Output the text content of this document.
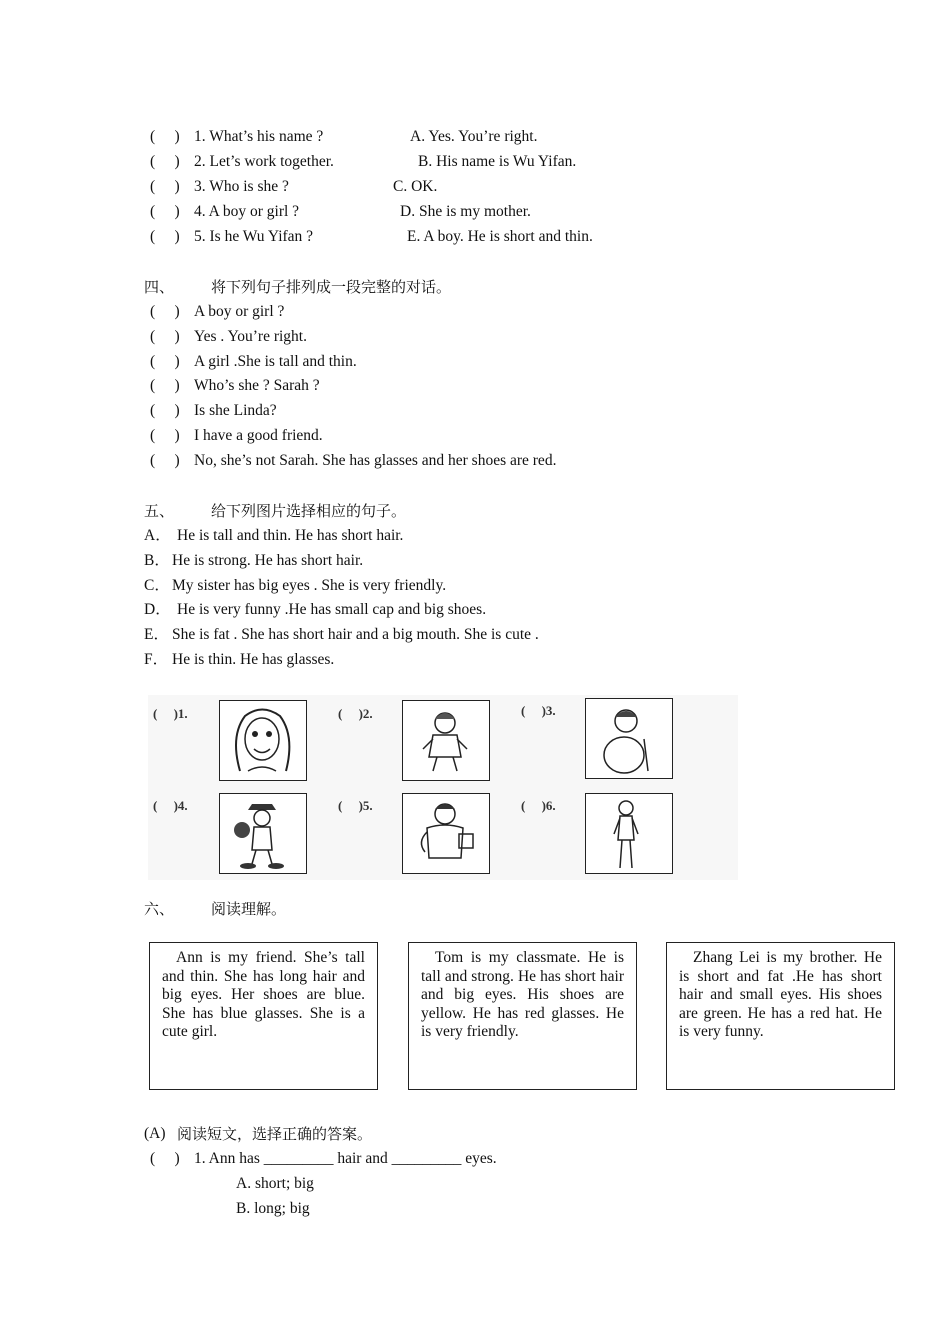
(　 ) 1. What’s his name ?	A. Yes. You’re right.
(　 ) 2. Let’s work together.	B. His name is Wu Yifan.
(　 ) 3. Who is she ?	C. OK.
(　 ) 4. A boy or girl ?	D. She is my mother.
(　 ) 5. Is he Wu Yifan ?	E. A boy. He is short and thin.
四、 将下列句子排列成一段完整的对话。
(　 ) A boy or girl ?
(　 ) Yes . You’re right.
(　 ) A girl .She is tall and thin.
(　 ) Who’s she ? Sarah ?
(　 ) Is she Linda?
(　 ) I have a good friend.
(　 ) No, she’s not Sarah. She has glasses and her shoes are red.
五、 给下列图片选择相应的句子。
A． He is tall and thin. He has short hair.
B． He is strong. He has short hair.
C． My sister has big eyes . She is very friendly.
D． He is very funny .He has small cap and big shoes.
E． She is fat . She has short hair and a big mouth. She is cute .
F． He is thin. He has glasses.
(　 )1.	(　 )2.	(　 )3.
(　 )4.	(　 )5.	(　 )6.
六、 阅读理解。

Ann is my friend. She’s tall and thin. She has long hair and big eyes. Her shoes are blue. She has blue glasses. She is a cute girl.

Tom is my classmate. He is tall and strong. He has short hair and big eyes. His shoes are yellow. He has red glasses. He is very friendly.

Zhang Lei is my brother. He is short and fat .He has short hair and small eyes. His shoes are green. He has a red hat. He is very funny.

(A) 阅读短文，选择正确的答案。
(　 ) 1. Ann has _________ hair and _________ eyes.
A. short; big
B. long; big
